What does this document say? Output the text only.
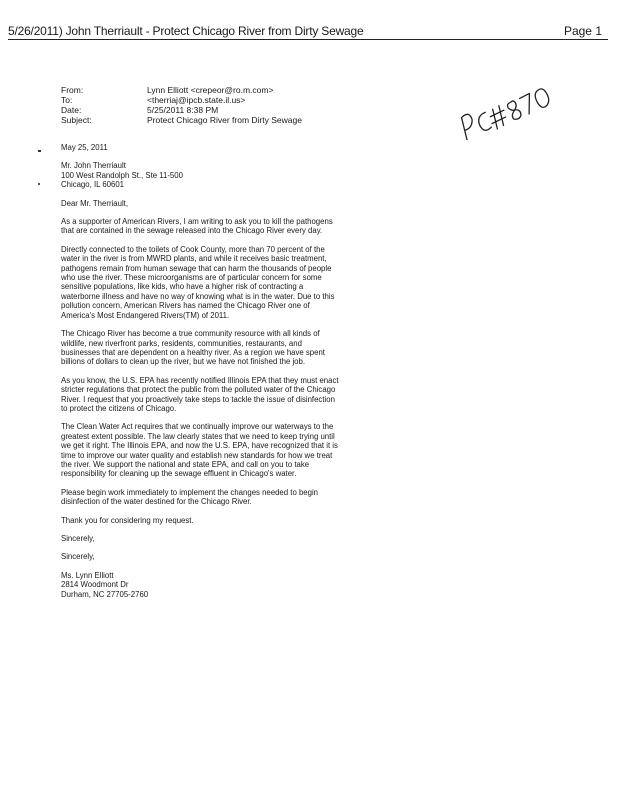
5/26/2011) John Therriault - Protect Chicago River from Dirty Sewage	Page 1
From:	Lynn Elliott <crepeor@ro.m.com>
To:	<therriaj@ipcb.state.il.us>
Date:	5/25/2011 8:38 PM
Subject:	Protect Chicago River from Dirty Sewage

May 25, 2011

Mr. John Therriault
100 West Randolph St., Ste 11-500
Chicago, IL 60601

Dear Mr. Therriault,

As a supporter of American Rivers, I am writing to ask you to kill the pathogens that are contained in the sewage released into the Chicago River every day.

Directly connected to the toilets of Cook County, more than 70 percent of the water in the river is from MWRD plants, and while it receives basic treatment, pathogens remain from human sewage that can harm the thousands of people who use the river. These microorganisms are of particular concern for some sensitive populations, like kids, who have a higher risk of contracting a waterborne illness and have no way of knowing what is in the water. Due to this pollution concern, American Rivers has named the Chicago River one of America's Most Endangered Rivers(TM) of 2011.

The Chicago River has become a true community resource with all kinds of wildlife, new riverfront parks, residents, communities, restaurants, and businesses that are dependent on a healthy river. As a region we have spent billions of dollars to clean up the river, but we have not finished the job.

As you know, the U.S. EPA has recently notified Illinois EPA that they must enact stricter regulations that protect the public from the polluted water of the Chicago River. I request that you proactively take steps to tackle the issue of disinfection to protect the citizens of Chicago.

The Clean Water Act requires that we continually improve our waterways to the greatest extent possible. The law clearly states that we need to keep trying until we get it right. The Illinois EPA, and now the U.S. EPA, have recognized that it is time to improve our water quality and establish new standards for how we treat the river. We support the national and state EPA, and call on you to take responsibility for cleaning up the sewage effluent in Chicago's water.

Please begin work immediately to implement the changes needed to begin disinfection of the water destined for the Chicago River.

Thank you for considering my request.

Sincerely,

Sincerely,

Ms. Lynn Elliott
2814 Woodmont Dr
Durham, NC 27705-2760
